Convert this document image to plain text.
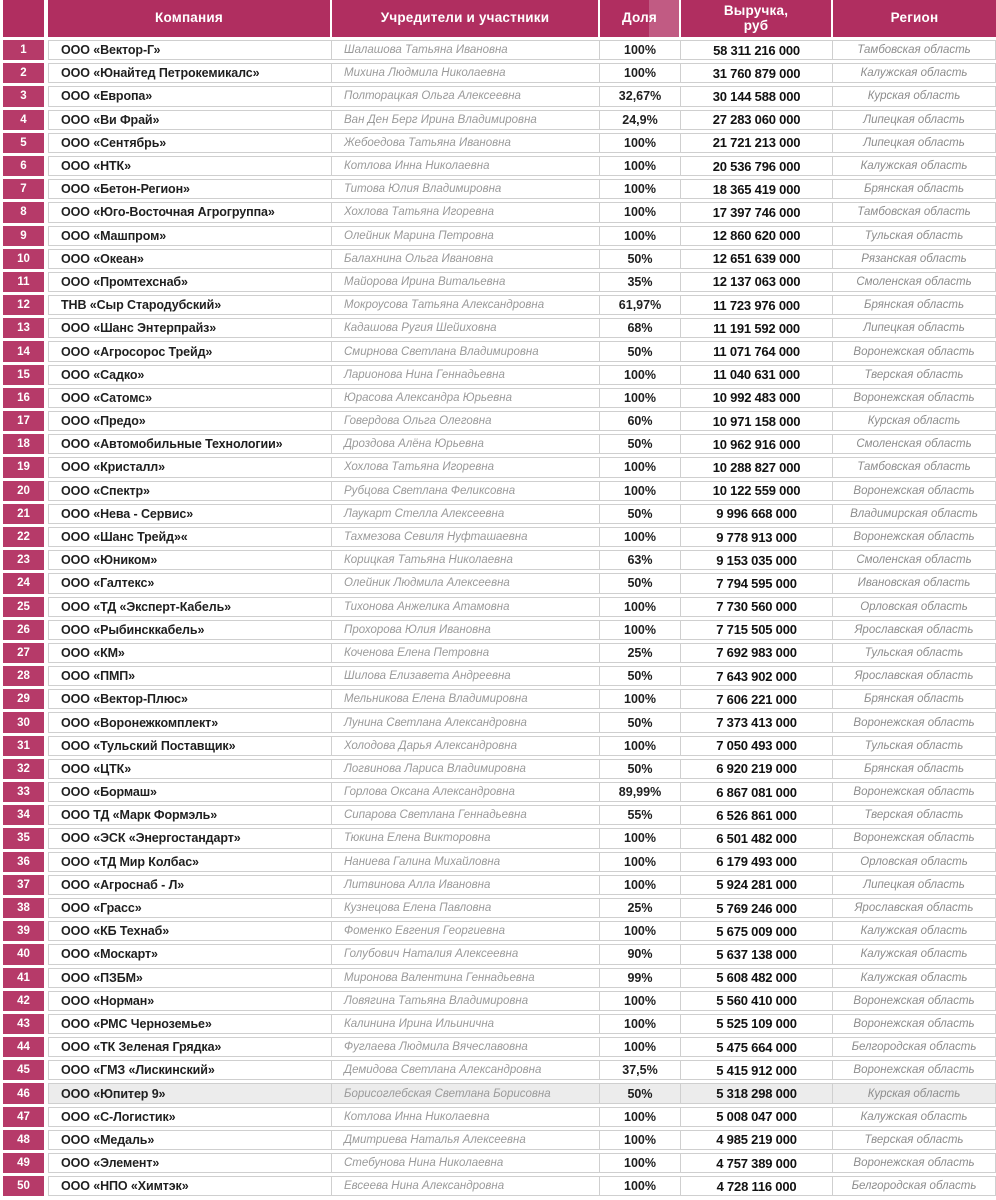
Компания	Учредители и участники	Доля	Выручка,
руб	Регион
1	ООО «Вектор-Г»	Шалашова Татьяна Ивановна	100%	58 311 216 000	Тамбовская область
2	ООО «Юнайтед Петрокемикалс»	Михина Людмила Николаевна	100%	31 760 879 000	Калужская область
3	ООО «Европа»	Полторацкая Ольга Алексеевна	32,67%	30 144 588 000	Курская область
4	ООО «Ви Фрай»	Ван Ден Берг Ирина Владимировна	24,9%	27 283 060 000	Липецкая область
5	ООО «Сентябрь»	Жебоедова Татьяна Ивановна	100%	21 721 213 000	Липецкая область
6	ООО «НТК»	Котлова Инна Николаевна	100%	20 536 796 000	Калужская область
7	ООО «Бетон-Регион»	Титова Юлия Владимировна	100%	18 365 419 000	Брянская область
8	ООО «Юго-Восточная Агрогруппа»	Хохлова Татьяна Игоревна	100%	17 397 746 000	Тамбовская область
9	ООО «Машпром»	Олейник Марина Петровна	100%	12 860 620 000	Тульская область
10	ООО «Океан»	Балахнина Ольга Ивановна	50%	12 651 639 000	Рязанская область
11	ООО «Промтехснаб»	Майорова Ирина Витальевна	35%	12 137 063 000	Смоленская область
12	ТНВ «Сыр Стародубский»	Мокроусова Татьяна Александровна	61,97%	11 723 976 000	Брянская область
13	ООО «Шанс Энтерпрайз»	Кадашова Ругия Шейиховна	68%	11 191 592 000	Липецкая область
14	ООО «Агросорос Трейд»	Смирнова Светлана Владимировна	50%	11 071 764 000	Воронежская область
15	ООО «Садко»	Ларионова Нина Геннадьевна	100%	11 040 631 000	Тверская область
16	ООО «Сатомс»	Юрасова Александра Юрьевна	100%	10 992 483 000	Воронежская область
17	ООО «Предо»	Говердова Ольга Олеговна	60%	10 971 158 000	Курская область
18	ООО «Автомобильные Технологии»	Дроздова Алёна Юрьевна	50%	10 962 916 000	Смоленская область
19	ООО «Кристалл»	Хохлова Татьяна Игоревна	100%	10 288 827 000	Тамбовская область
20	ООО «Спектр»	Рубцова Светлана Феликсовна	100%	10 122 559 000	Воронежская область
21	ООО «Нева - Сервис»	Лаукарт Стелла Алексеевна	50%	9 996 668 000	Владимирская область
22	ООО «Шанс Трейд»«	Тахмезова Севиля Нуфташаевна	100%	9 778 913 000	Воронежская область
23	ООО «Юником»	Корицкая Татьяна Николаевна	63%	9 153 035 000	Смоленская область
24	ООО «Галтекс»	Олейник Людмила Алексеевна	50%	7 794 595 000	Ивановская область
25	ООО «ТД «Эксперт-Кабель»	Тихонова Анжелика Атамовна	100%	7 730 560 000	Орловская область
26	ООО «Рыбинсккабель»	Прохорова Юлия Ивановна	100%	7 715 505 000	Ярославская область
27	ООО «КМ»	Коченова Елена Петровна	25%	7 692 983 000	Тульская область
28	ООО «ПМП»	Шилова Елизавета Андреевна	50%	7 643 902 000	Ярославская область
29	ООО «Вектор-Плюс»	Мельникова Елена Владимировна	100%	7 606 221 000	Брянская область
30	ООО «Воронежкомплект»	Лунина Светлана Александровна	50%	7 373 413 000	Воронежская область
31	ООО «Тульский Поставщик»	Холодова Дарья Александровна	100%	7 050 493 000	Тульская область
32	ООО «ЦТК»	Логвинова Лариса Владимировна	50%	6 920 219 000	Брянская область
33	ООО «Бормаш»	Горлова Оксана Александровна	89,99%	6 867 081 000	Воронежская область
34	ООО ТД «Марк Формэль»	Сипарова Светлана Геннадьевна	55%	6 526 861 000	Тверская область
35	ООО «ЭСК «Энергостандарт»	Тюкина Елена Викторовна	100%	6 501 482 000	Воронежская область
36	ООО «ТД Мир Колбас»	Наниева Галина Михайловна	100%	6 179 493 000	Орловская область
37	ООО «Агроснаб - Л»	Литвинова Алла Ивановна	100%	5 924 281 000	Липецкая область
38	ООО «Грасс»	Кузнецова Елена Павловна	25%	5 769 246 000	Ярославская область
39	ООО «КБ Технаб»	Фоменко Евгения Георгиевна	100%	5 675 009 000	Калужская область
40	ООО «Москарт»	Голубович Наталия Алексеевна	90%	5 637 138 000	Калужская область
41	ООО «ПЗБМ»	Миронова Валентина Геннадьевна	99%	5 608 482 000	Калужская область
42	ООО «Норман»	Ловягина Татьяна Владимировна	100%	5 560 410 000	Воронежская область
43	ООО «РМС Черноземье»	Калинина Ирина Ильинична	100%	5 525 109 000	Воронежская область
44	ООО «ТК Зеленая Грядка»	Фуглаева Людмила Вячеславовна	100%	5 475 664 000	Белгородская область
45	ООО «ГМЗ «Лискинский»	Демидова Светлана Александровна	37,5%	5 415 912 000	Воронежская область
46	ООО «Юпитер 9»	Борисоглебская Светлана Борисовна	50%	5 318 298 000	Курская область
47	ООО «С-Логистик»	Котлова Инна Николаевна	100%	5 008 047 000	Калужская область
48	ООО «Медаль»	Дмитриева Наталья Алексеевна	100%	4 985 219 000	Тверская область
49	ООО «Элемент»	Стебунова Нина Николаевна	100%	4 757 389 000	Воронежская область
50	ООО «НПО «Химтэк»	Евсеева Нина Александровна	100%	4 728 116 000	Белгородская область
